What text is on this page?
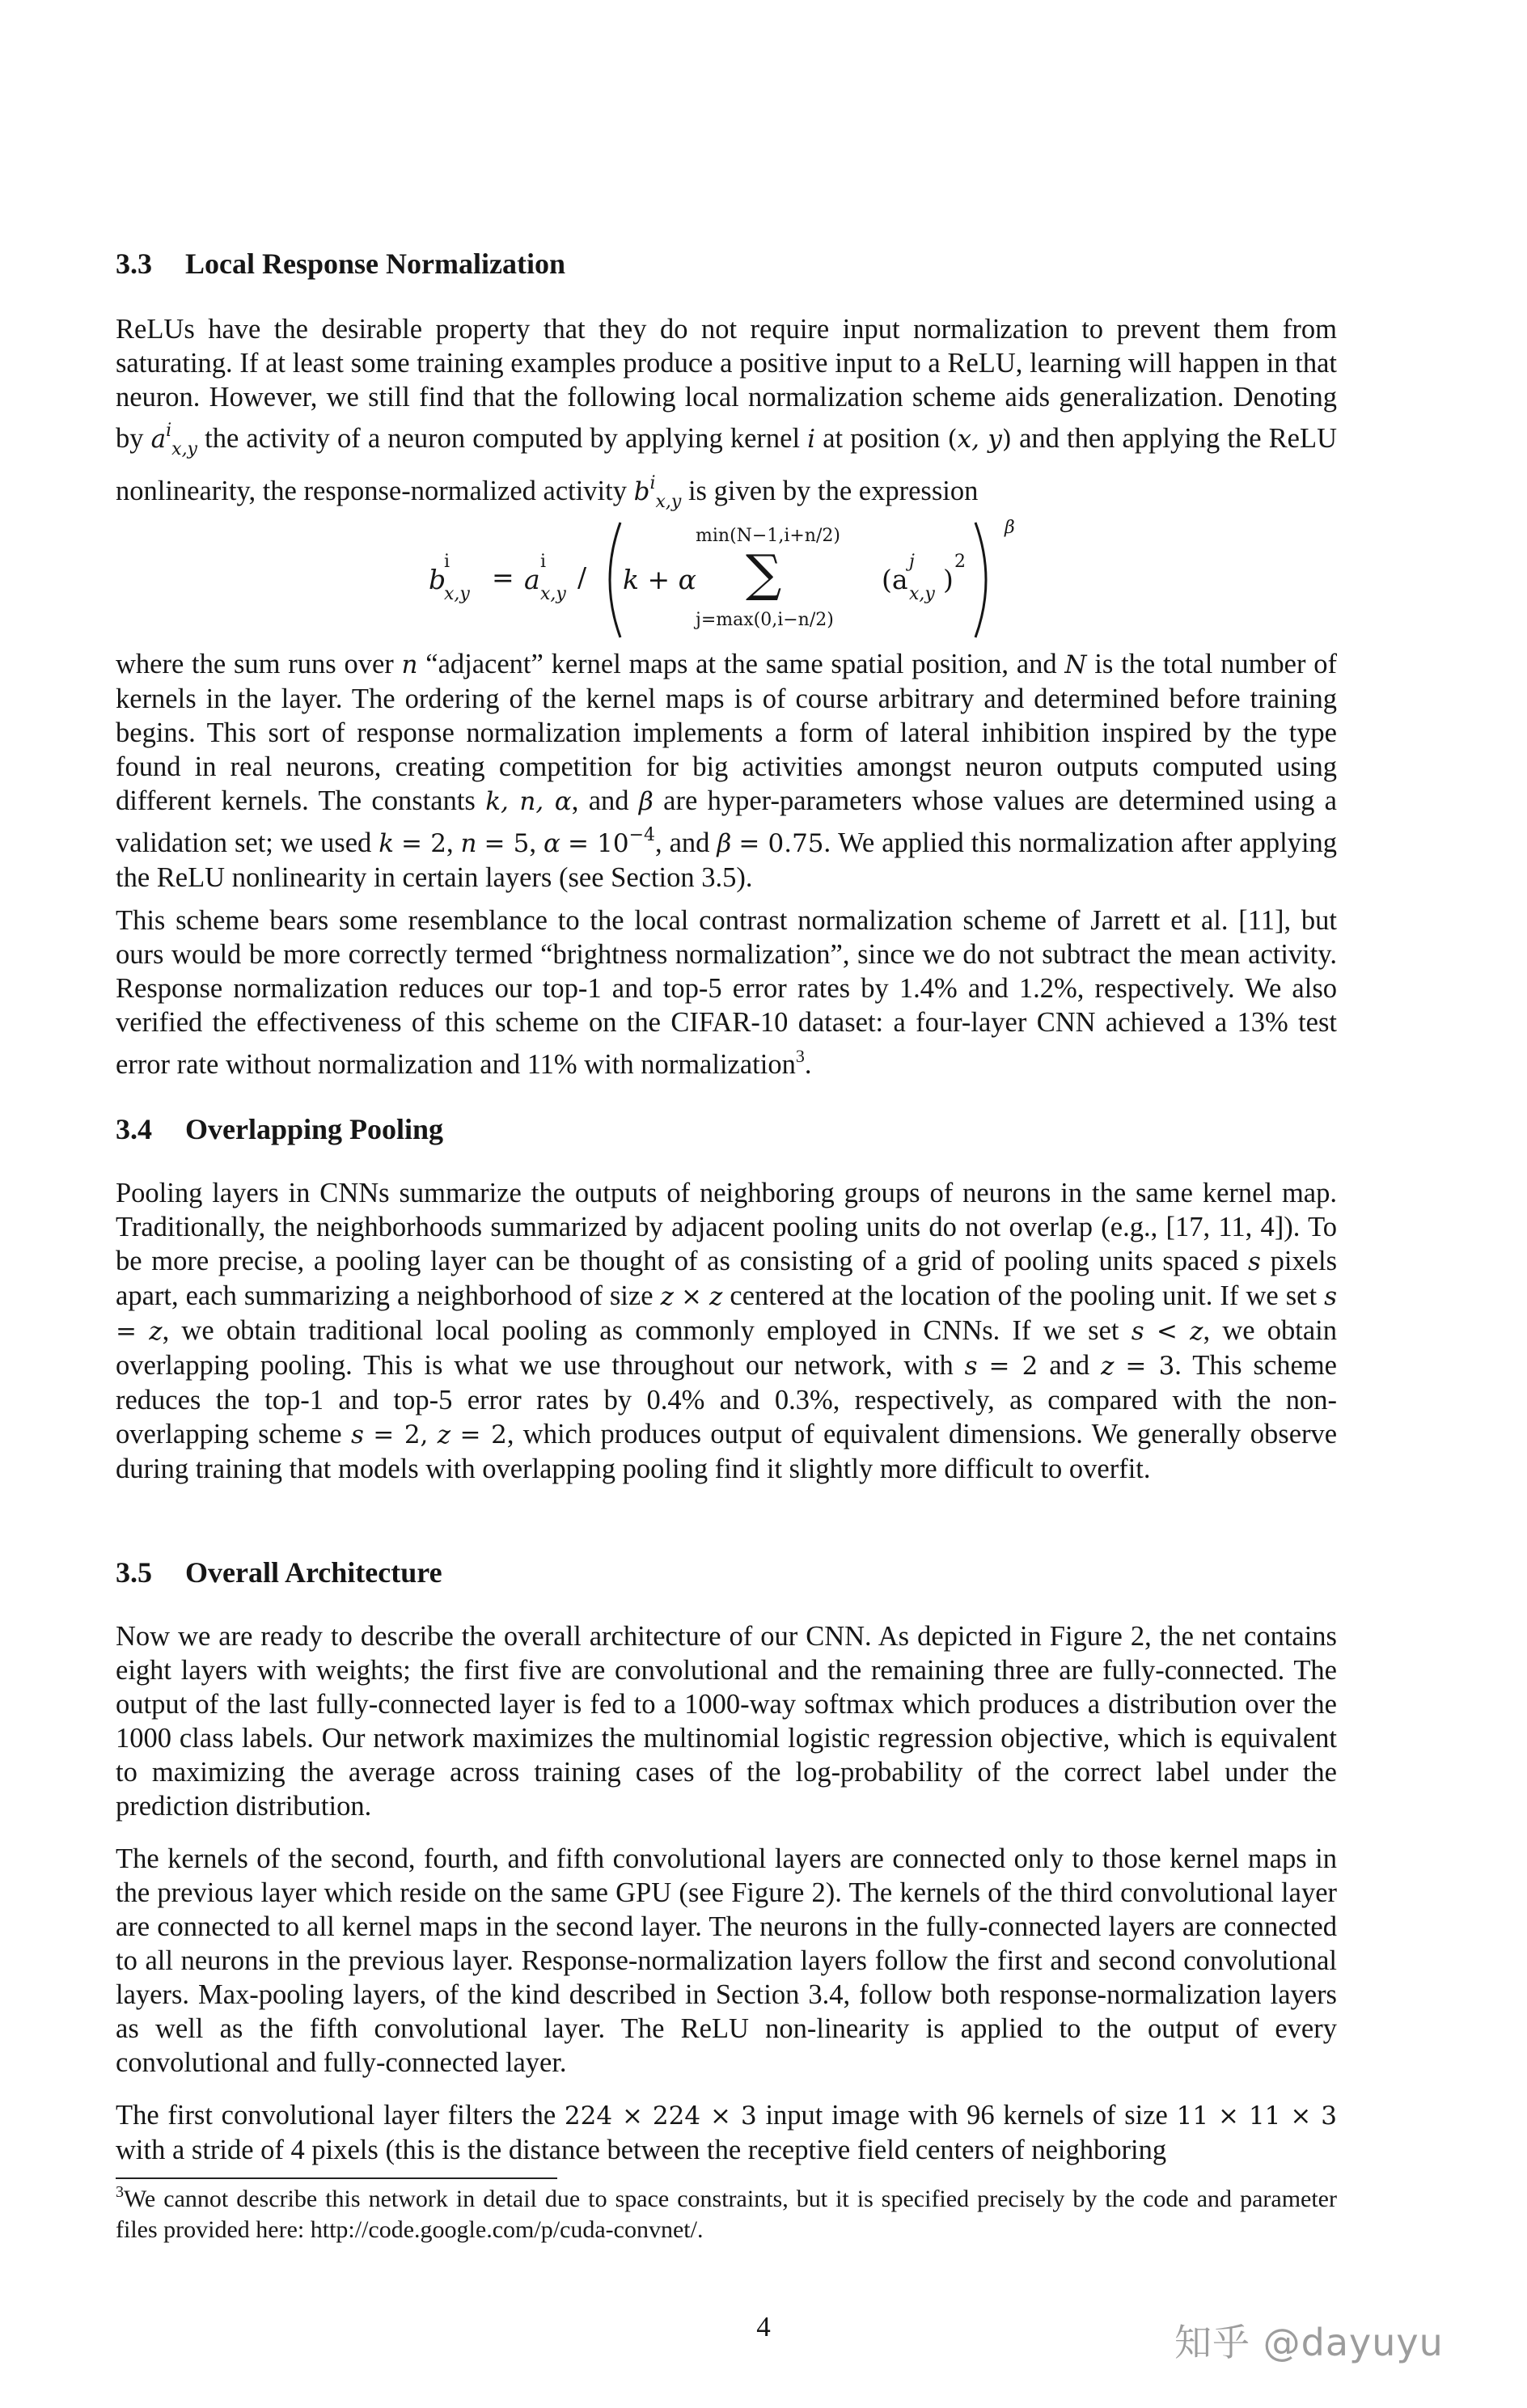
3.3 Local Response Normalization
ReLUs have the desirable property that they do not require input normalization to prevent them from saturating. If at least some training examples produce a positive input to a ReLU, learning will happen in that neuron. However, we still find that the following local normalization scheme aids generalization. Denoting by $a^i_{x,y}$ the activity of a neuron computed by applying kernel i at position (x, y) and then applying the ReLU nonlinearity, the response-normalized activity $b^i_{x,y}$ is given by the expression
where the sum runs over n “adjacent” kernel maps at the same spatial position, and N is the total number of kernels in the layer. The ordering of the kernel maps is of course arbitrary and determined before training begins. This sort of response normalization implements a form of lateral inhibition inspired by the type found in real neurons, creating competition for big activities amongst neuron outputs computed using different kernels. The constants k, n, α, and β are hyper-parameters whose values are determined using a validation set; we used k = 2, n = 5, $\alpha = 10^{-4}$, and β = 0.75. We applied this normalization after applying the ReLU nonlinearity in certain layers (see Section 3.5).
This scheme bears some resemblance to the local contrast normalization scheme of Jarrett et al. [11], but ours would be more correctly termed “brightness normalization”, since we do not subtract the mean activity. Response normalization reduces our top-1 and top-5 error rates by 1.4% and 1.2%, respectively. We also verified the effectiveness of this scheme on the CIFAR-10 dataset: a four-layer CNN achieved a 13% test error rate without normalization and 11% with normalization$^3$.
3.4 Overlapping Pooling
Pooling layers in CNNs summarize the outputs of neighboring groups of neurons in the same kernel map. Traditionally, the neighborhoods summarized by adjacent pooling units do not overlap (e.g., [17, 11, 4]). To be more precise, a pooling layer can be thought of as consisting of a grid of pooling units spaced s pixels apart, each summarizing a neighborhood of size z × z centered at the location of the pooling unit. If we set s = z, we obtain traditional local pooling as commonly employed in CNNs. If we set s < z, we obtain overlapping pooling. This is what we use throughout our network, with s = 2 and z = 3. This scheme reduces the top-1 and top-5 error rates by 0.4% and 0.3%, respectively, as compared with the non-overlapping scheme s = 2, z = 2, which produces output of equivalent dimensions. We generally observe during training that models with overlapping pooling find it slightly more difficult to overfit.
3.5 Overall Architecture
Now we are ready to describe the overall architecture of our CNN. As depicted in Figure 2, the net contains eight layers with weights; the first five are convolutional and the remaining three are fully-connected. The output of the last fully-connected layer is fed to a 1000-way softmax which produces a distribution over the 1000 class labels. Our network maximizes the multinomial logistic regression objective, which is equivalent to maximizing the average across training cases of the log-probability of the correct label under the prediction distribution.
The kernels of the second, fourth, and fifth convolutional layers are connected only to those kernel maps in the previous layer which reside on the same GPU (see Figure 2). The kernels of the third convolutional layer are connected to all kernel maps in the second layer. The neurons in the fully-connected layers are connected to all neurons in the previous layer. Response-normalization layers follow the first and second convolutional layers. Max-pooling layers, of the kind described in Section 3.4, follow both response-normalization layers as well as the fifth convolutional layer. The ReLU non-linearity is applied to the output of every convolutional and fully-connected layer.
The first convolutional layer filters the 224 × 224 × 3 input image with 96 kernels of size 11 × 11 × 3 with a stride of 4 pixels (this is the distance between the receptive field centers of neighboring
b
i
x,y
= a
i
x,y
/ k + α
min(N−1,i+n/2)
∑
j=max(0,i−n/2)
(a
j
x,y )
2
β
$^3$We cannot describe this network in detail due to space constraints, but it is specified precisely by the code and parameter files provided here: http://code.google.com/p/cuda-convnet/.
4	知乎 @dayuyu
